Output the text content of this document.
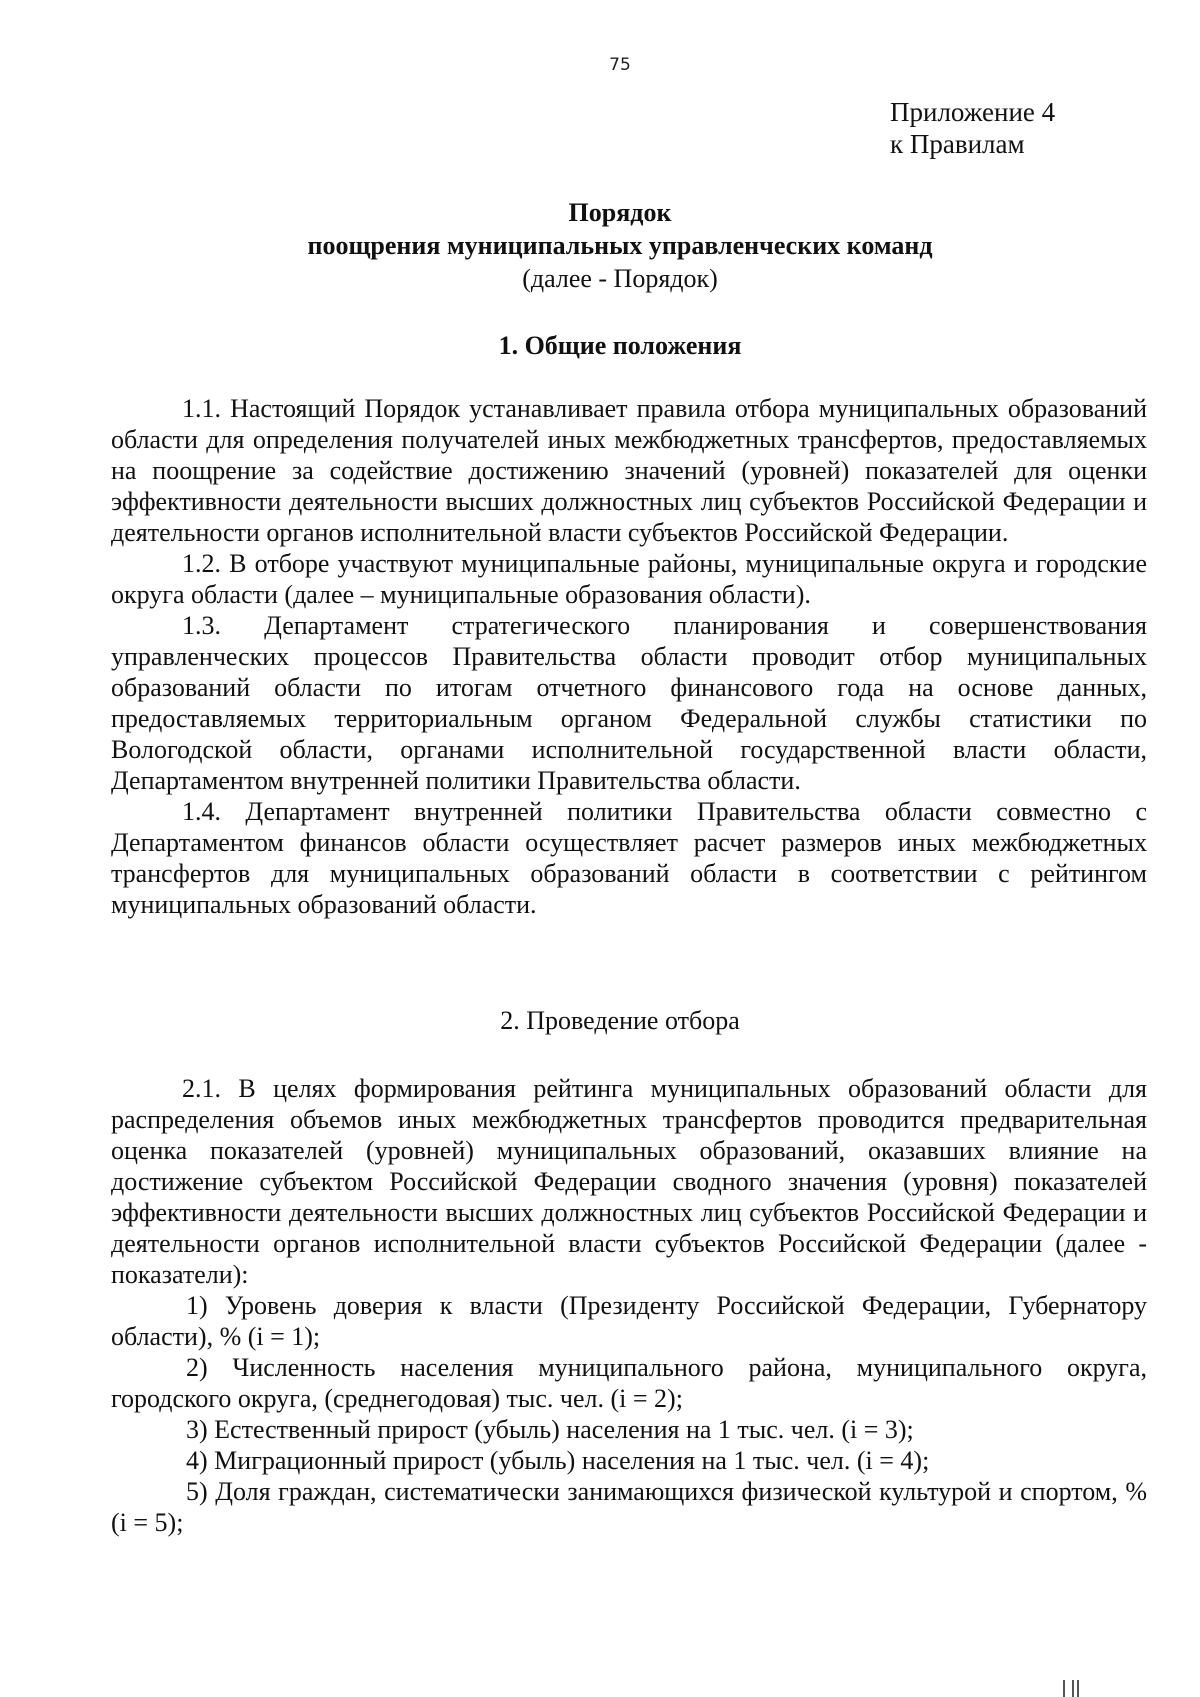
75
Приложение 4
к Правилам
Порядок
поощрения муниципальных управленческих команд
(далее - Порядок)
1. Общие положения

1.1. Настоящий Порядок устанавливает правила отбора муниципальных образований области для определения получателей иных межбюджетных трансфертов, предоставляемых на поощрение за содействие достижению значений (уровней) показателей для оценки эффективности деятельности высших должностных лиц субъектов Российской Федерации и деятельности органов исполнительной власти субъектов Российской Федерации.

1.2. В отборе участвуют муниципальные районы, муниципальные округа и городские округа области (далее – муниципальные образования области).

1.3. Департамент стратегического планирования и совершенствования управленческих процессов Правительства области проводит отбор муниципальных образований области по итогам отчетного финансового года на основе данных, предоставляемых территориальным органом Федеральной службы статистики по Вологодской области, органами исполнительной государственной власти области, Департаментом внутренней политики Правительства области.

1.4. Департамент внутренней политики Правительства области совместно с Департаментом финансов области осуществляет расчет размеров иных межбюджетных трансфертов для муниципальных образований области в соответствии с рейтингом муниципальных образований области.

2. Проведение отбора

2.1. В целях формирования рейтинга муниципальных образований области для распределения объемов иных межбюджетных трансфертов проводится предварительная оценка показателей (уровней) муниципальных образований, оказавших влияние на достижение субъектом Российской Федерации сводного значения (уровня) показателей эффективности деятельности высших должностных лиц субъектов Российской Федерации и деятельности органов исполнительной власти субъектов Российской Федерации (далее - показатели):

1) Уровень доверия к власти (Президенту Российской Федерации, Губернатору области), % (i = 1);

2) Численность населения муниципального района, муниципального округа, городского округа, (среднегодовая) тыс. чел. (i = 2);

3) Естественный прирост (убыль) населения на 1 тыс. чел. (i = 3);

4) Миграционный прирост (убыль) населения на 1 тыс. чел. (i = 4);

5) Доля граждан, систематически занимающихся физической культурой и спортом, % (i = 5);
